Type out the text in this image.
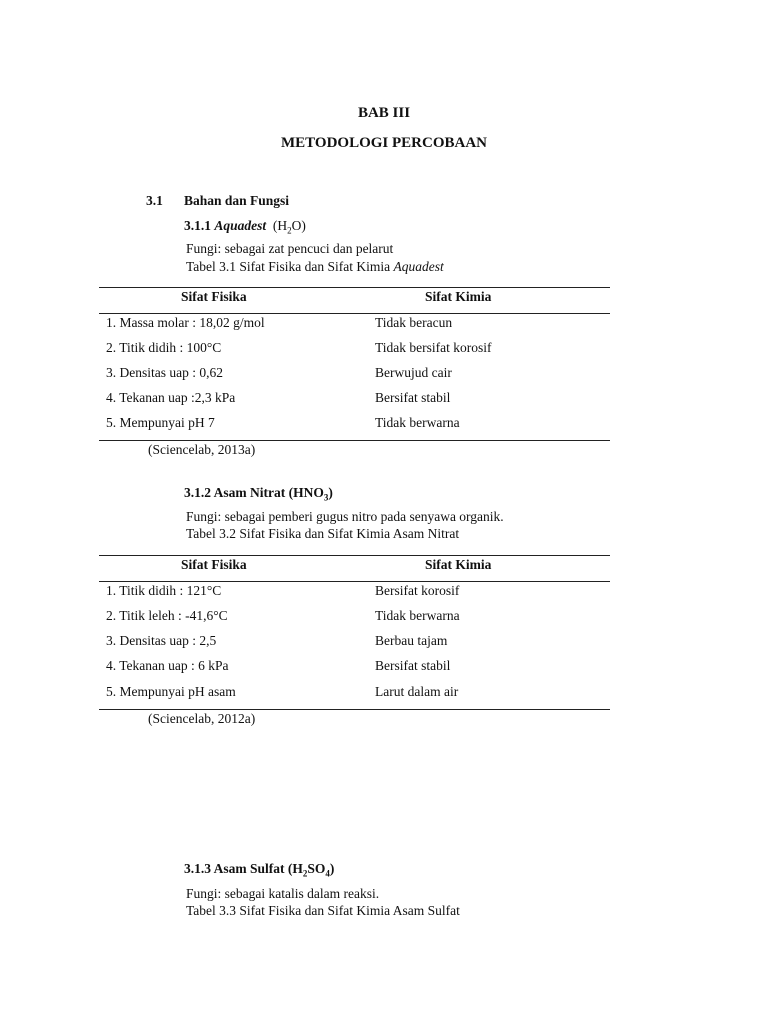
BAB III
METODOLOGI PERCOBAAN
3.1 Bahan dan Fungsi
3.1.1 Aquadest $(H_2O)$
Fungi: sebagai zat pencuci dan pelarut
Tabel 3.1 Sifat Fisika dan Sifat Kimia Aquadest
Sifat Fisika	Sifat Kimia
1. Massa molar : 18,02 g/mol	Tidak beracun
2. Titik didih : 100°C	Tidak bersifat korosif
3. Densitas uap : 0,62	Berwujud cair
4. Tekanan uap :2,3 kPa	Bersifat stabil
5. Mempunyai pH 7	Tidak berwarna
(Sciencelab, 2013a)
3.1.2 Asam Nitrat $(HNO_3)$
Fungi: sebagai pemberi gugus nitro pada senyawa organik.
Tabel 3.2 Sifat Fisika dan Sifat Kimia Asam Nitrat
Sifat Fisika	Sifat Kimia
1. Titik didih : 121°C	Bersifat korosif
2. Titik leleh : -41,6°C	Tidak berwarna
3. Densitas uap : 2,5	Berbau tajam
4. Tekanan uap : 6 kPa	Bersifat stabil
5. Mempunyai pH asam	Larut dalam air
(Sciencelab, 2012a)
3.1.3 Asam Sulfat $(H_2SO_4)$
Fungi: sebagai katalis dalam reaksi.
Tabel 3.3 Sifat Fisika dan Sifat Kimia Asam Sulfat
